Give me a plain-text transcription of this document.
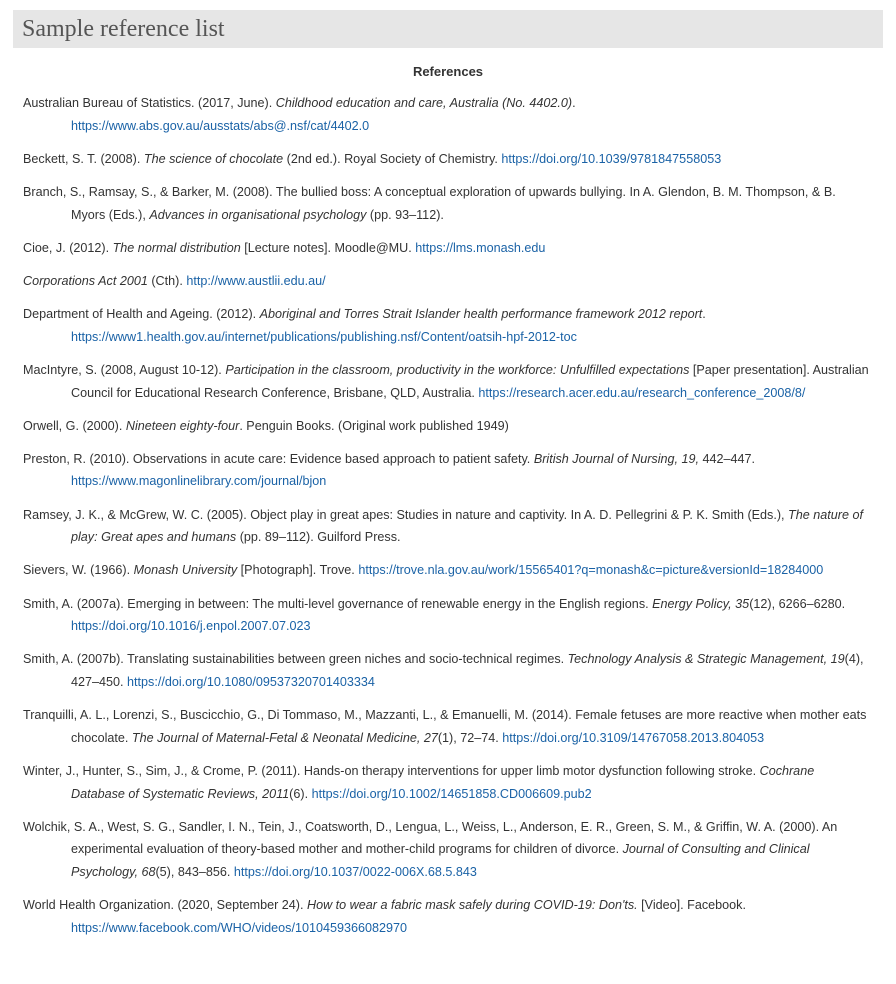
Sample reference list

References

Australian Bureau of Statistics. (2017, June). Childhood education and care, Australia (No. 4402.0). https://www.abs.gov.au/ausstats/abs@.nsf/cat/4402.0

Beckett, S. T. (2008). The science of chocolate (2nd ed.). Royal Society of Chemistry. https://doi.org/10.1039/9781847558053

Branch, S., Ramsay, S., & Barker, M. (2008). The bullied boss: A conceptual exploration of upwards bullying. In A. Glendon, B. M. Thompson, & B. Myors (Eds.), Advances in organisational psychology (pp. 93–112).

Cioe, J. (2012). The normal distribution [Lecture notes]. Moodle@MU. https://lms.monash.edu

Corporations Act 2001 (Cth). http://www.austlii.edu.au/

Department of Health and Ageing. (2012). Aboriginal and Torres Strait Islander health performance framework 2012 report. https://www1.health.gov.au/internet/publications/publishing.nsf/Content/oatsih-hpf-2012-toc

MacIntyre, S. (2008, August 10-12). Participation in the classroom, productivity in the workforce: Unfulfilled expectations [Paper presentation]. Australian Council for Educational Research Conference, Brisbane, QLD, Australia. https://research.acer.edu.au/research_conference_2008/8/

Orwell, G. (2000). Nineteen eighty-four. Penguin Books. (Original work published 1949)

Preston, R. (2010). Observations in acute care: Evidence based approach to patient safety. British Journal of Nursing, 19, 442–447. https://www.magonlinelibrary.com/journal/bjon

Ramsey, J. K., & McGrew, W. C. (2005). Object play in great apes: Studies in nature and captivity. In A. D. Pellegrini & P. K. Smith (Eds.), The nature of play: Great apes and humans (pp. 89–112). Guilford Press.

Sievers, W. (1966). Monash University [Photograph]. Trove. https://trove.nla.gov.au/work/15565401?q=monash&c=picture&versionId=18284000

Smith, A. (2007a). Emerging in between: The multi-level governance of renewable energy in the English regions. Energy Policy, 35(12), 6266–6280. https://doi.org/10.1016/j.enpol.2007.07.023

Smith, A. (2007b). Translating sustainabilities between green niches and socio-technical regimes. Technology Analysis & Strategic Management, 19(4), 427–450. https://doi.org/10.1080/09537320701403334

Tranquilli, A. L., Lorenzi, S., Buscicchio, G., Di Tommaso, M., Mazzanti, L., & Emanuelli, M. (2014). Female fetuses are more reactive when mother eats chocolate. The Journal of Maternal-Fetal & Neonatal Medicine, 27(1), 72–74. https://doi.org/10.3109/14767058.2013.804053

Winter, J., Hunter, S., Sim, J., & Crome, P. (2011). Hands-on therapy interventions for upper limb motor dysfunction following stroke. Cochrane Database of Systematic Reviews, 2011(6). https://doi.org/10.1002/14651858.CD006609.pub2

Wolchik, S. A., West, S. G., Sandler, I. N., Tein, J., Coatsworth, D., Lengua, L., Weiss, L., Anderson, E. R., Green, S. M., & Griffin, W. A. (2000). An experimental evaluation of theory-based mother and mother-child programs for children of divorce. Journal of Consulting and Clinical Psychology, 68(5), 843–856. https://doi.org/10.1037/0022-006X.68.5.843

World Health Organization. (2020, September 24). How to wear a fabric mask safely during COVID-19: Don'ts. [Video]. Facebook. https://www.facebook.com/WHO/videos/1010459366082970
